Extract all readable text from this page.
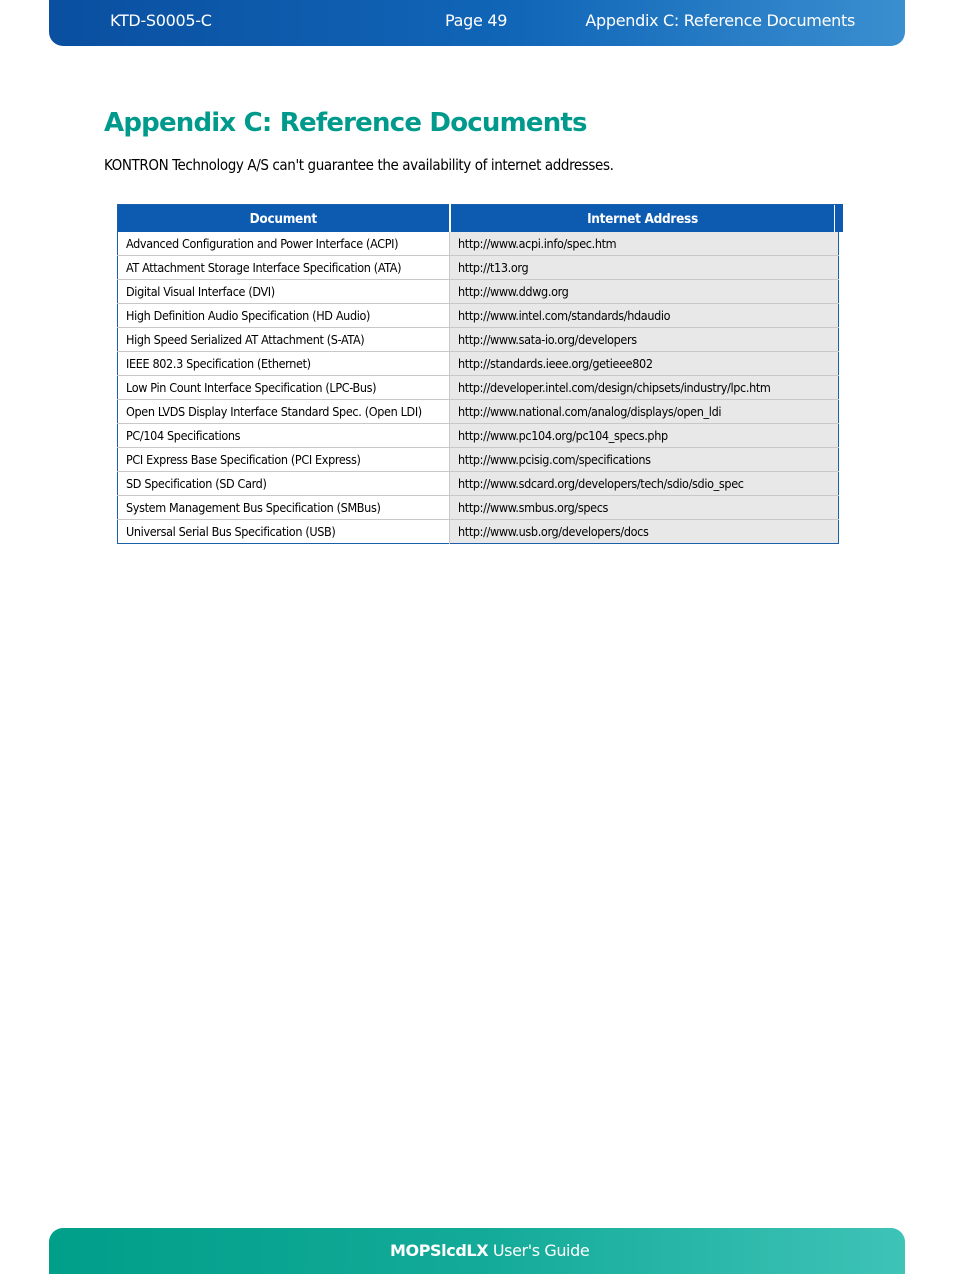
KTD-S0005-C	Page 49	Appendix C: Reference Documents
Appendix C: Reference Documents

KONTRON Technology A/S can't guarantee the availability of internet addresses.

Document	Internet Address
Advanced Configuration and Power Interface (ACPI)	http://www.acpi.info/spec.htm
AT Attachment Storage Interface Specification (ATA)	http://t13.org
Digital Visual Interface (DVI)	http://www.ddwg.org
High Definition Audio Specification (HD Audio)	http://www.intel.com/standards/hdaudio
High Speed Serialized AT Attachment (S-ATA)	http://www.sata-io.org/developers
IEEE 802.3 Specification (Ethernet)	http://standards.ieee.org/getieee802
Low Pin Count Interface Specification (LPC-Bus)	http://developer.intel.com/design/chipsets/industry/lpc.htm
Open LVDS Display Interface Standard Spec. (Open LDI)	http://www.national.com/analog/displays/open_ldi
PC/104 Specifications	http://www.pc104.org/pc104_specs.php
PCI Express Base Specification (PCI Express)	http://www.pcisig.com/specifications
SD Specification (SD Card)	http://www.sdcard.org/developers/tech/sdio/sdio_spec
System Management Bus Specification (SMBus)	http://www.smbus.org/specs
Universal Serial Bus Specification (USB)	http://www.usb.org/developers/docs
MOPSlcdLX User's Guide
